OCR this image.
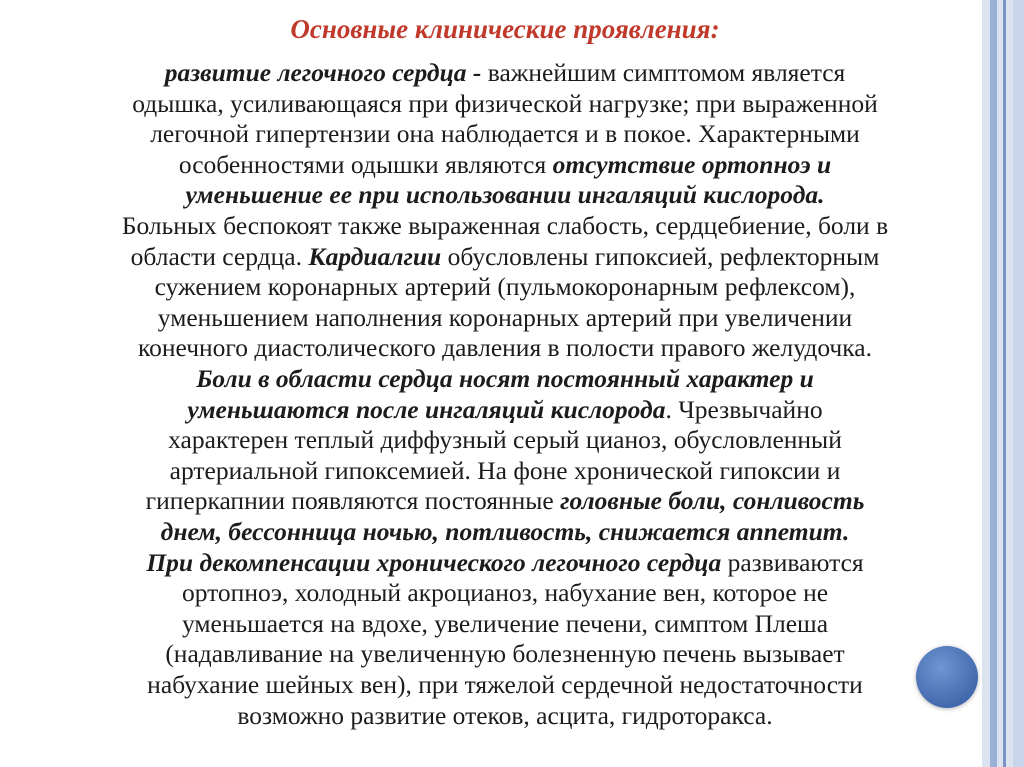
Основные клинические проявления:
развитие легочного сердца - важнейшим симптомом является
одышка, усиливающаяся при физической нагрузке; при выраженной
легочной гипертензии она наблюдается и в покое. Характерными
особенностями одышки являются отсутствие ортопноэ и
уменьшение ее при использовании ингаляций кислорода.
Больных беспокоят также выраженная слабость, сердцебиение, боли в
области сердца. Кардиалгии обусловлены гипоксией, рефлекторным
сужением коронарных артерий (пульмокоронарным рефлексом),
уменьшением наполнения коронарных артерий при увеличении
конечного диастолического давления в полости правого желудочка.
Боли в области сердца носят постоянный характер и
уменьшаются после ингаляций кислорода. Чрезвычайно
характерен теплый диффузный серый цианоз, обусловленный
артериальной гипоксемией. На фоне хронической гипоксии и
гиперкапнии появляются постоянные головные боли, сонливость
днем, бессонница ночью, потливость, снижается аппетит.
При декомпенсации хронического легочного сердца развиваются
ортопноэ, холодный акроцианоз, набухание вен, которое не
уменьшается на вдохе, увеличение печени, симптом Плеша
(надавливание на увеличенную болезненную печень вызывает
набухание шейных вен), при тяжелой сердечной недостаточности
возможно развитие отеков, асцита, гидроторакса.
